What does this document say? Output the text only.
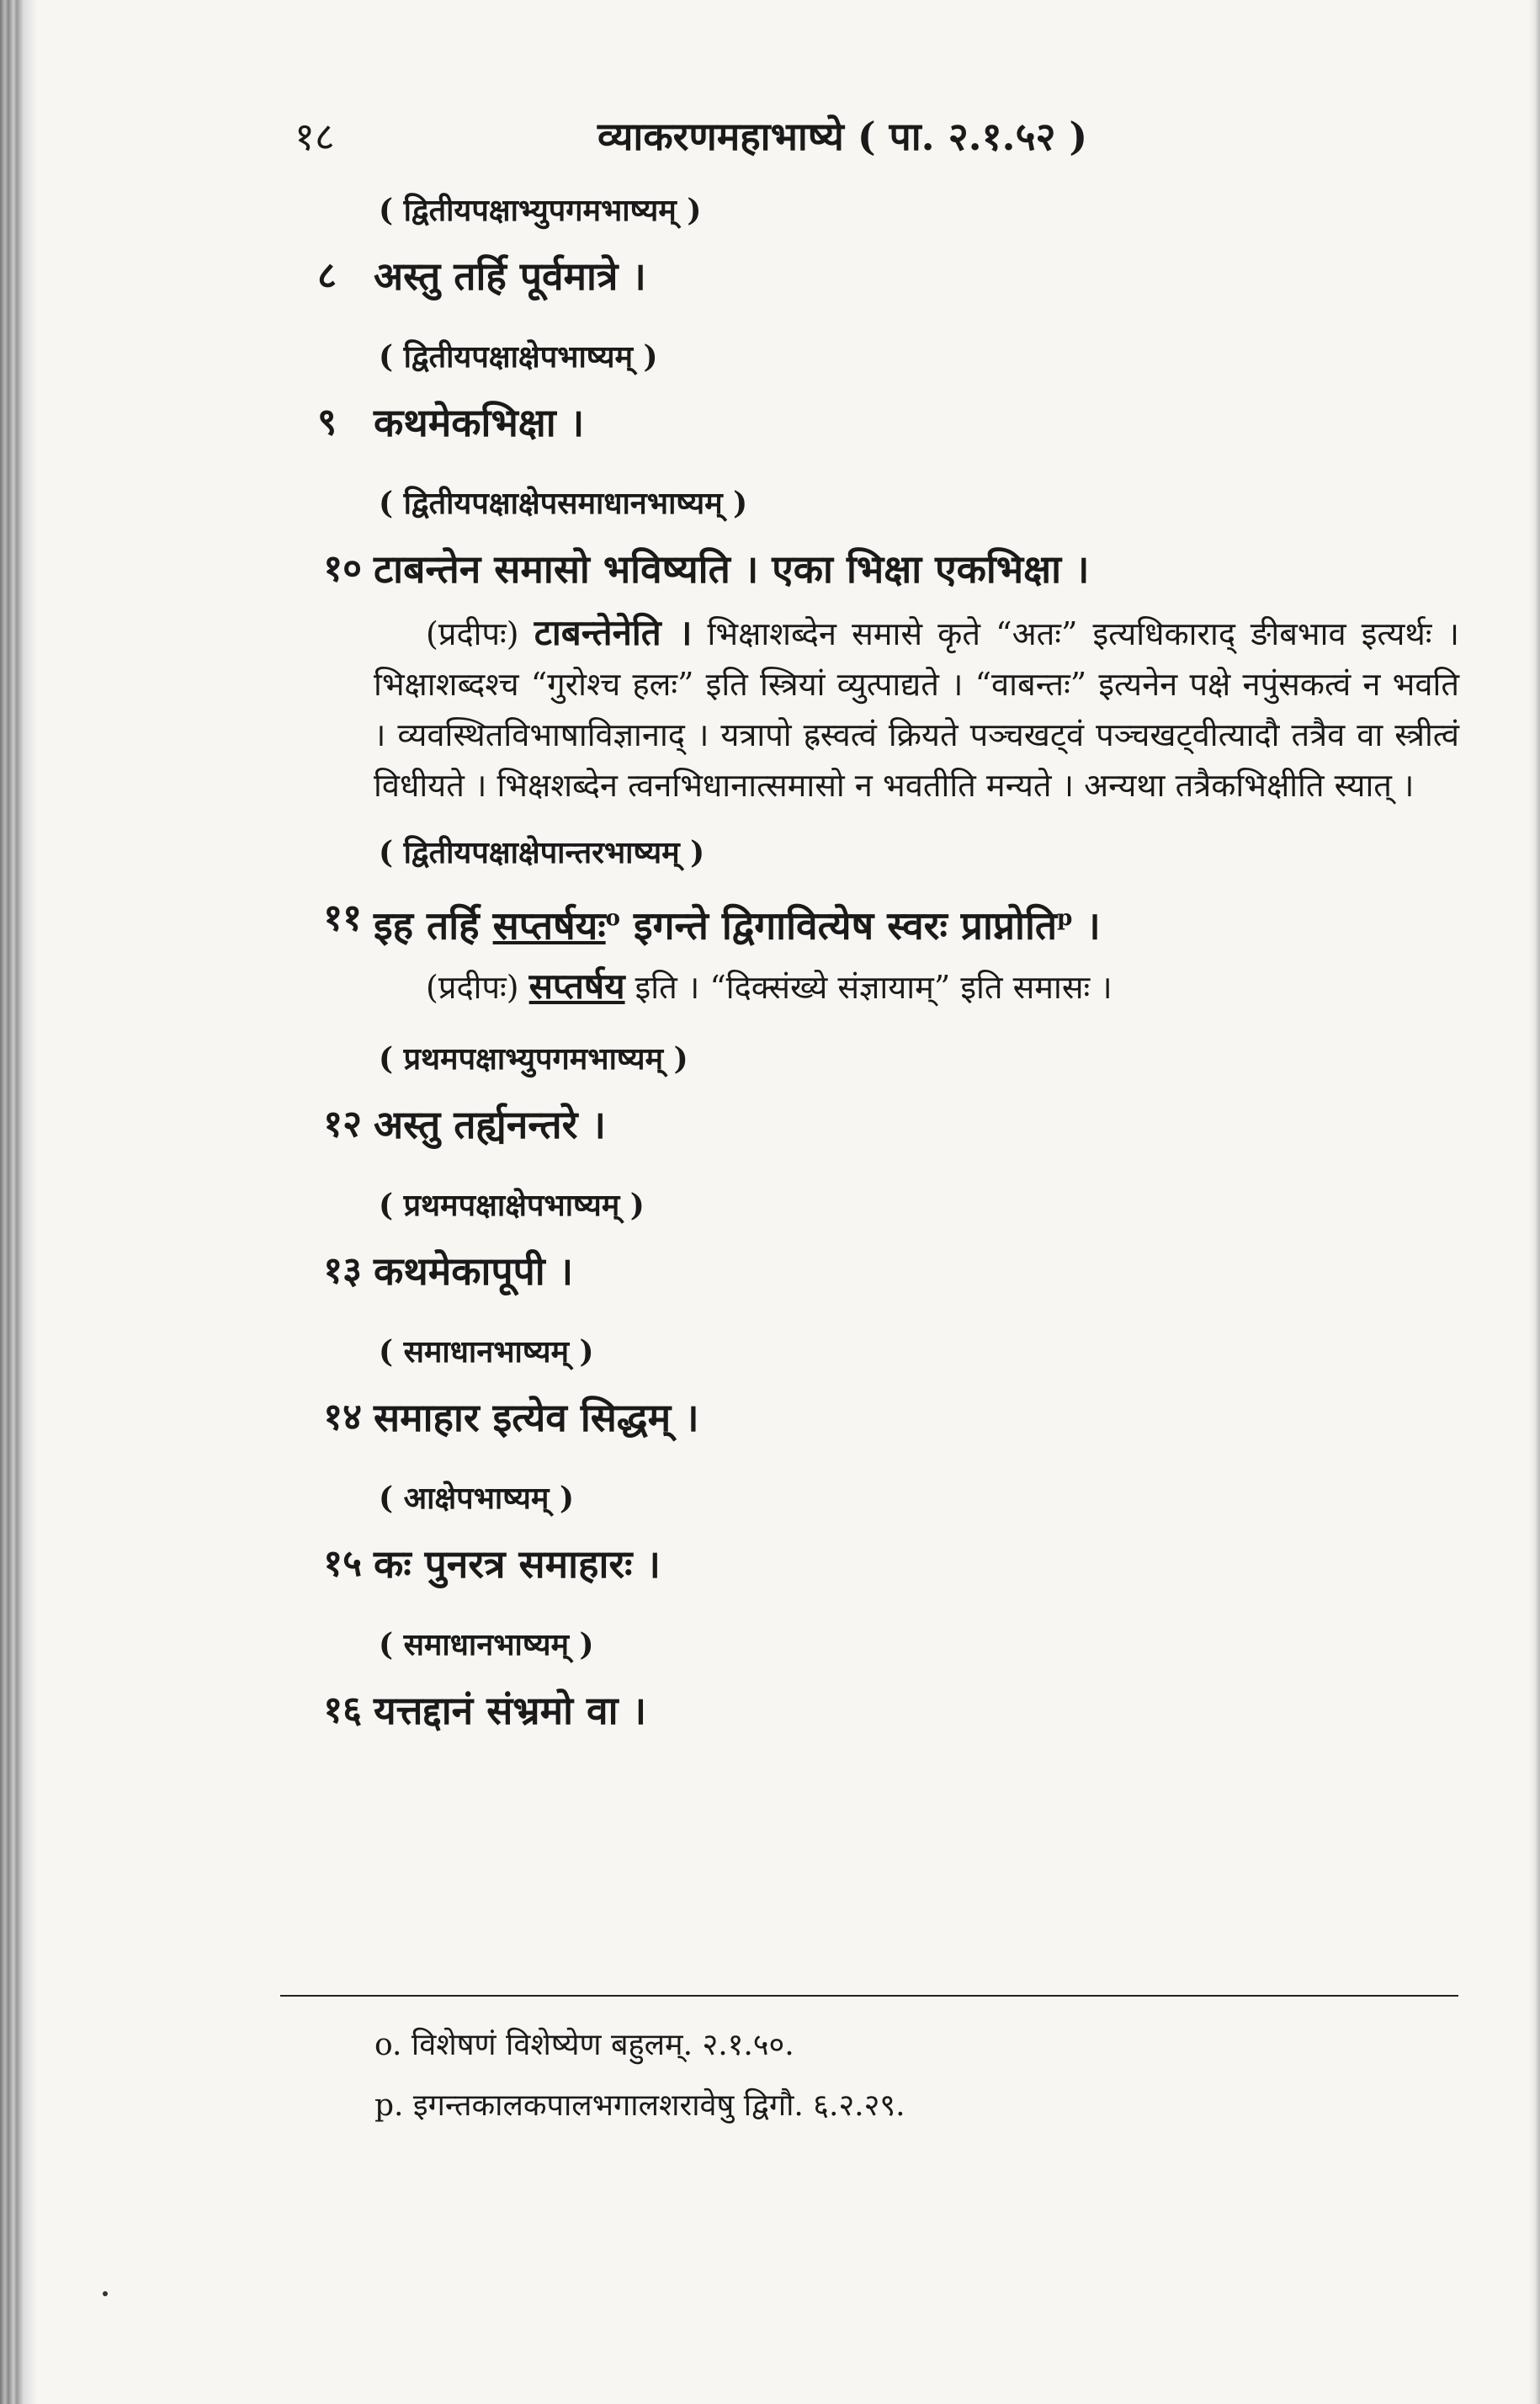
१८	व्याकरणमहाभाष्ये ( पा. २.१.५२ )
( द्वितीयपक्षाभ्युपगमभाष्यम् )
८ अस्तु तर्हि पूर्वमात्रे ।
( द्वितीयपक्षाक्षेपभाष्यम् )
९ कथमेकभिक्षा ।
( द्वितीयपक्षाक्षेपसमाधानभाष्यम् )
१० टाबन्तेन समासो भविष्यति । एका भिक्षा एकभिक्षा ।
(प्रदीपः) टाबन्तेनेति । भिक्षाशब्देन समासे कृते “अतः” इत्यधिकाराद् ङीबभाव इत्यर्थः । भिक्षाशब्दश्च “गुरोश्च हलः” इति स्त्रियां व्युत्पाद्यते । “वाबन्तः” इत्यनेन पक्षे नपुंसकत्वं न भवति । व्यवस्थितविभाषाविज्ञानाद् । यत्रापो ह्रस्वत्वं क्रियते पञ्चखट्वं पञ्चखट्वीत्यादौ तत्रैव वा स्त्रीत्वं विधीयते । भिक्षशब्देन त्वनभिधानात्समासो न भवतीति मन्यते । अन्यथा तत्रैकभिक्षीति स्यात् ।
( द्वितीयपक्षाक्षेपान्तरभाष्यम् )
११ इह तर्हि सप्तर्षयः$^o$ इगन्ते द्विगावित्येष स्वरः प्राप्नोति$^p$ ।
(प्रदीपः) सप्तर्षय इति । “दिक्संख्ये संज्ञायाम्” इति समासः ।
( प्रथमपक्षाभ्युपगमभाष्यम् )
१२ अस्तु तर्ह्यनन्तरे ।
( प्रथमपक्षाक्षेपभाष्यम् )
१३ कथमेकापूपी ।
( समाधानभाष्यम् )
१४ समाहार इत्येव सिद्धम् ।
( आक्षेपभाष्यम् )
१५ कः पुनरत्र समाहारः ।
( समाधानभाष्यम् )
१६ यत्तद्दानं संभ्रमो वा ।
o. विशेषणं विशेष्येण बहुलम्. २.१.५०.
p. इगन्तकालकपालभगालशरावेषु द्विगौ. ६.२.२९.
